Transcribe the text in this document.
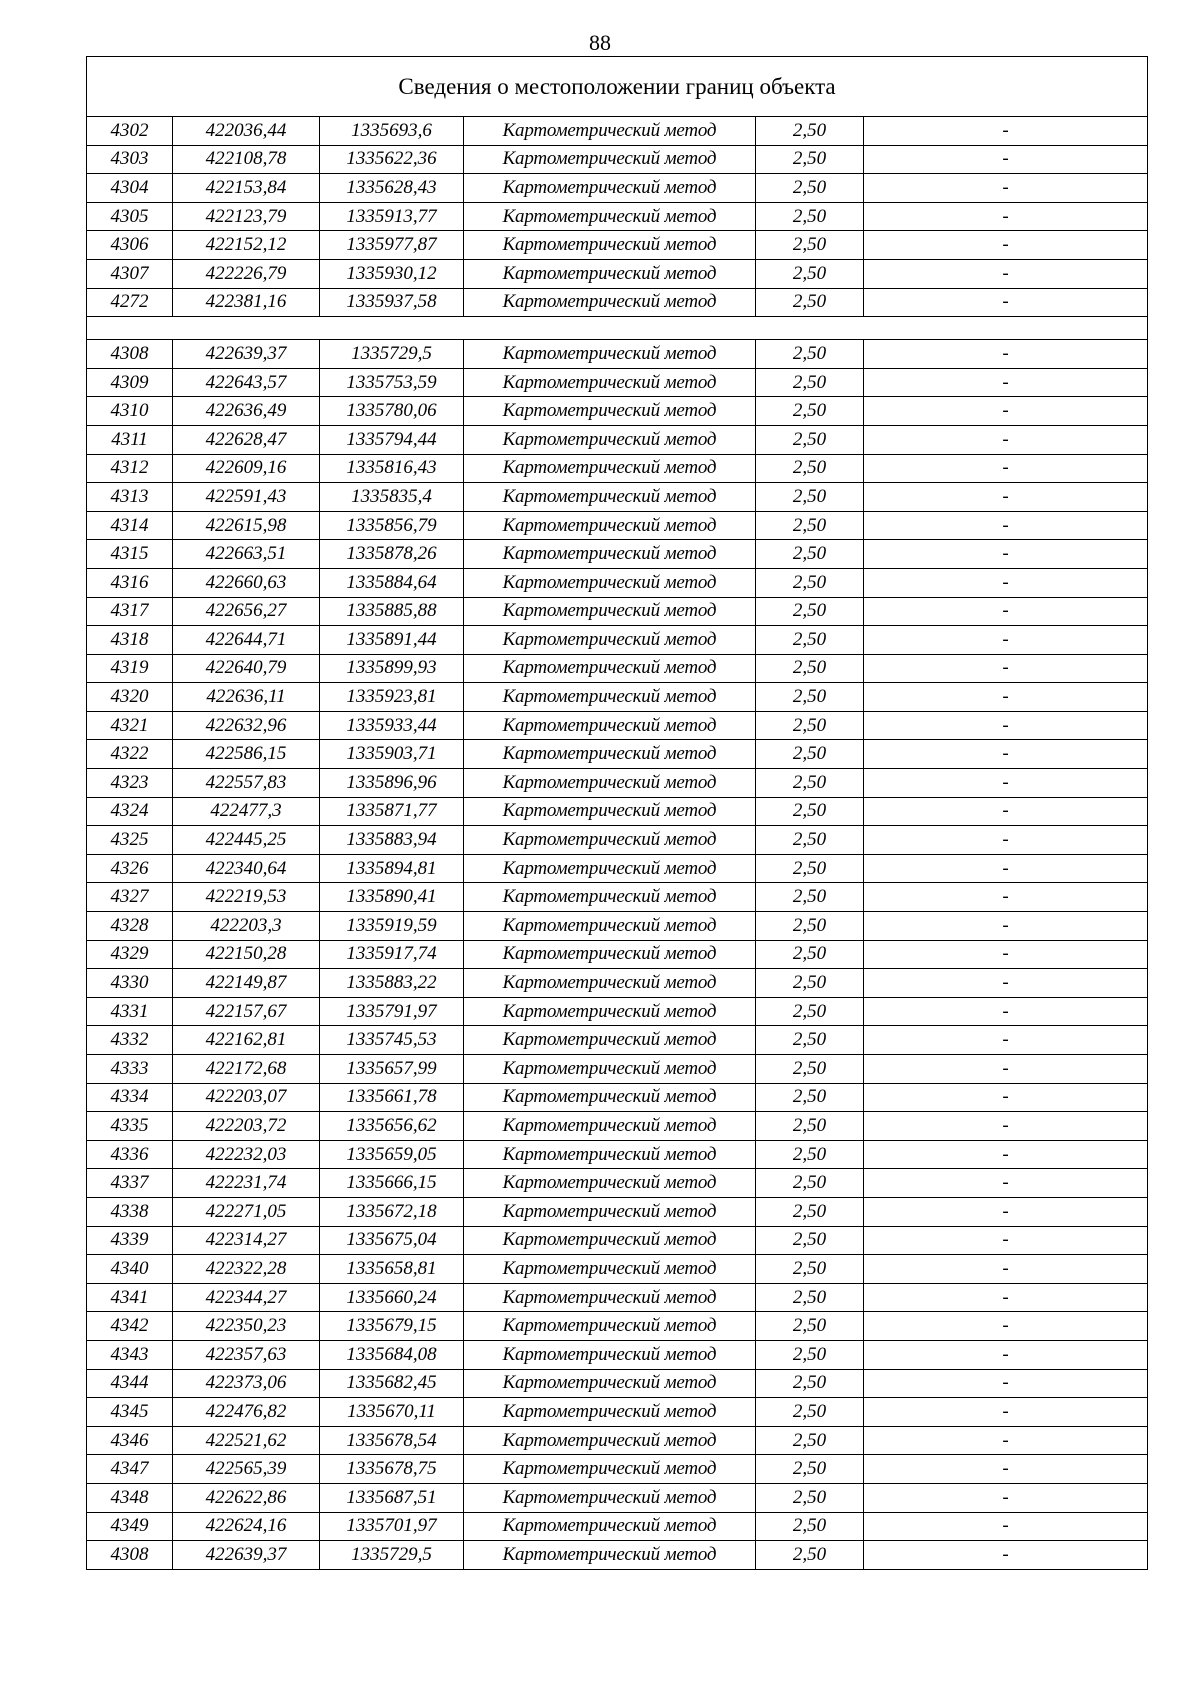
88
Сведения о местоположении границ объекта					
4302	422036,44	1335693,6	Картометрический метод	2,50	-
4303	422108,78	1335622,36	Картометрический метод	2,50	-
4304	422153,84	1335628,43	Картометрический метод	2,50	-
4305	422123,79	1335913,77	Картометрический метод	2,50	-
4306	422152,12	1335977,87	Картометрический метод	2,50	-
4307	422226,79	1335930,12	Картометрический метод	2,50	-
4272	422381,16	1335937,58	Картометрический метод	2,50	-

4308	422639,37	1335729,5	Картометрический метод	2,50	-
4309	422643,57	1335753,59	Картометрический метод	2,50	-
4310	422636,49	1335780,06	Картометрический метод	2,50	-
4311	422628,47	1335794,44	Картометрический метод	2,50	-
4312	422609,16	1335816,43	Картометрический метод	2,50	-
4313	422591,43	1335835,4	Картометрический метод	2,50	-
4314	422615,98	1335856,79	Картометрический метод	2,50	-
4315	422663,51	1335878,26	Картометрический метод	2,50	-
4316	422660,63	1335884,64	Картометрический метод	2,50	-
4317	422656,27	1335885,88	Картометрический метод	2,50	-
4318	422644,71	1335891,44	Картометрический метод	2,50	-
4319	422640,79	1335899,93	Картометрический метод	2,50	-
4320	422636,11	1335923,81	Картометрический метод	2,50	-
4321	422632,96	1335933,44	Картометрический метод	2,50	-
4322	422586,15	1335903,71	Картометрический метод	2,50	-
4323	422557,83	1335896,96	Картометрический метод	2,50	-
4324	422477,3	1335871,77	Картометрический метод	2,50	-
4325	422445,25	1335883,94	Картометрический метод	2,50	-
4326	422340,64	1335894,81	Картометрический метод	2,50	-
4327	422219,53	1335890,41	Картометрический метод	2,50	-
4328	422203,3	1335919,59	Картометрический метод	2,50	-
4329	422150,28	1335917,74	Картометрический метод	2,50	-
4330	422149,87	1335883,22	Картометрический метод	2,50	-
4331	422157,67	1335791,97	Картометрический метод	2,50	-
4332	422162,81	1335745,53	Картометрический метод	2,50	-
4333	422172,68	1335657,99	Картометрический метод	2,50	-
4334	422203,07	1335661,78	Картометрический метод	2,50	-
4335	422203,72	1335656,62	Картометрический метод	2,50	-
4336	422232,03	1335659,05	Картометрический метод	2,50	-
4337	422231,74	1335666,15	Картометрический метод	2,50	-
4338	422271,05	1335672,18	Картометрический метод	2,50	-
4339	422314,27	1335675,04	Картометрический метод	2,50	-
4340	422322,28	1335658,81	Картометрический метод	2,50	-
4341	422344,27	1335660,24	Картометрический метод	2,50	-
4342	422350,23	1335679,15	Картометрический метод	2,50	-
4343	422357,63	1335684,08	Картометрический метод	2,50	-
4344	422373,06	1335682,45	Картометрический метод	2,50	-
4345	422476,82	1335670,11	Картометрический метод	2,50	-
4346	422521,62	1335678,54	Картометрический метод	2,50	-
4347	422565,39	1335678,75	Картометрический метод	2,50	-
4348	422622,86	1335687,51	Картометрический метод	2,50	-
4349	422624,16	1335701,97	Картометрический метод	2,50	-
4308	422639,37	1335729,5	Картометрический метод	2,50	-
